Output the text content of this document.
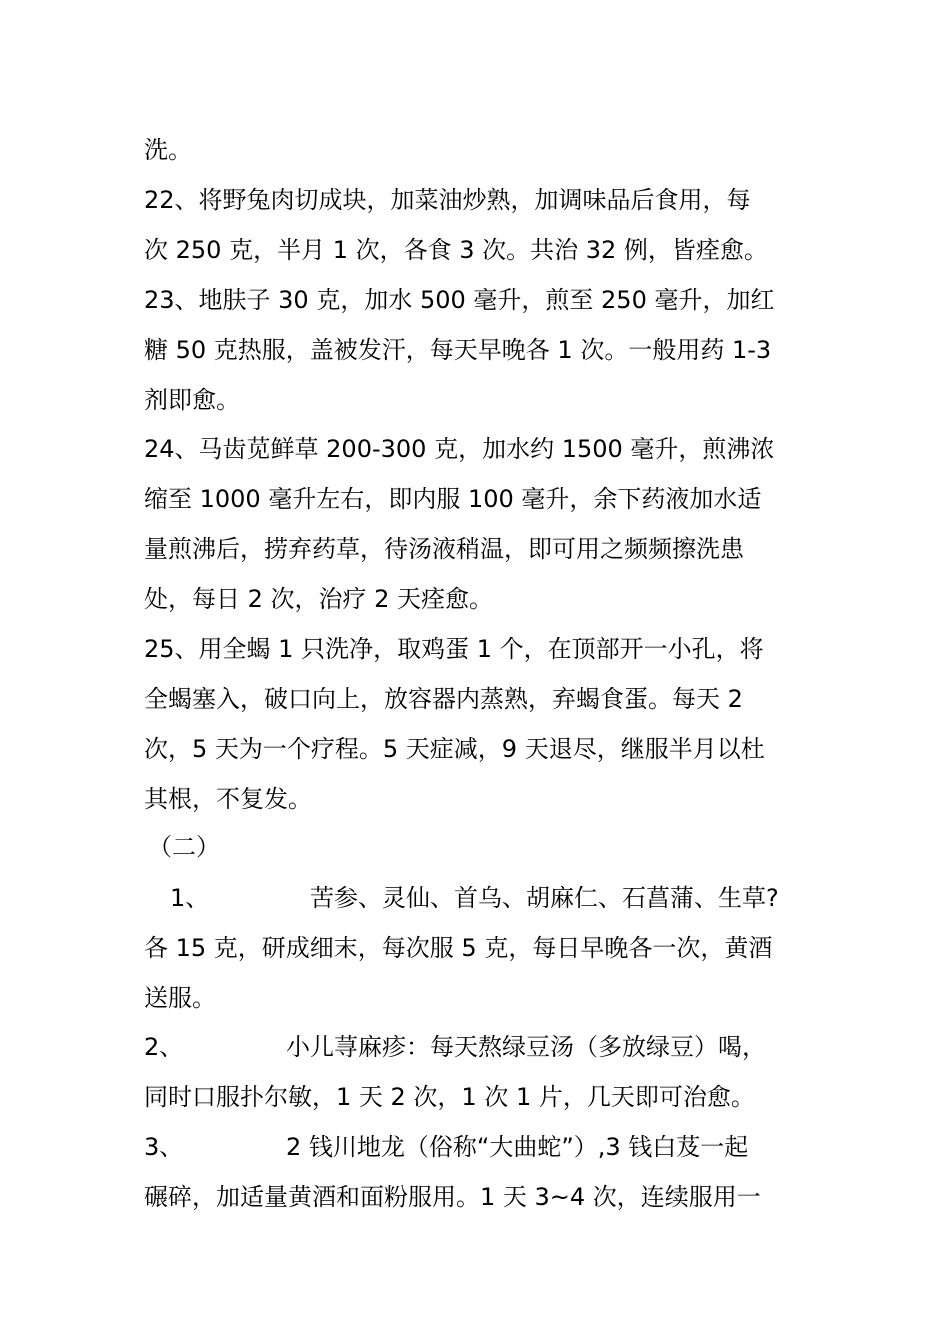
洗。
22、将野兔肉切成块，加菜油炒熟，加调味品后食用，每
次 250 克，半月 1 次，各食 3 次。共治 32 例，皆痊愈。
23、地肤子 30 克，加水 500 毫升，煎至 250 毫升，加红
糖 50 克热服，盖被发汗，每天早晚各 1 次。一般用药 1-3
剂即愈。
24、马齿苋鲜草 200-300 克，加水约 1500 毫升，煎沸浓
缩至 1000 毫升左右，即内服 100 毫升，余下药液加水适
量煎沸后，捞弃药草，待汤液稍温，即可用之频频擦洗患
处，每日 2 次，治疗 2 天痊愈。
25、用全蝎 1 只洗净，取鸡蛋 1 个，在顶部开一小孔，将
全蝎塞入，破口向上，放容器内蒸熟，弃蝎食蛋。每天 2
次，5 天为一个疗程。5 天症减，9 天退尽，继服半月以杜
其根，不复发。
（二）
1、	苦参、灵仙、首乌、胡麻仁、石菖蒲、生草?
各 15 克，研成细末，每次服 5 克，每日早晚各一次，黄酒
送服。
2、	小儿荨麻疹：每天熬绿豆汤（多放绿豆）喝，
同时口服扑尔敏，1 天 2 次，1 次 1 片，几天即可治愈。
3、	2 钱川地龙（俗称“大曲蛇”）,3 钱白芨一起
碾碎，加适量黄酒和面粉服用。1 天 3~4 次，连续服用一
